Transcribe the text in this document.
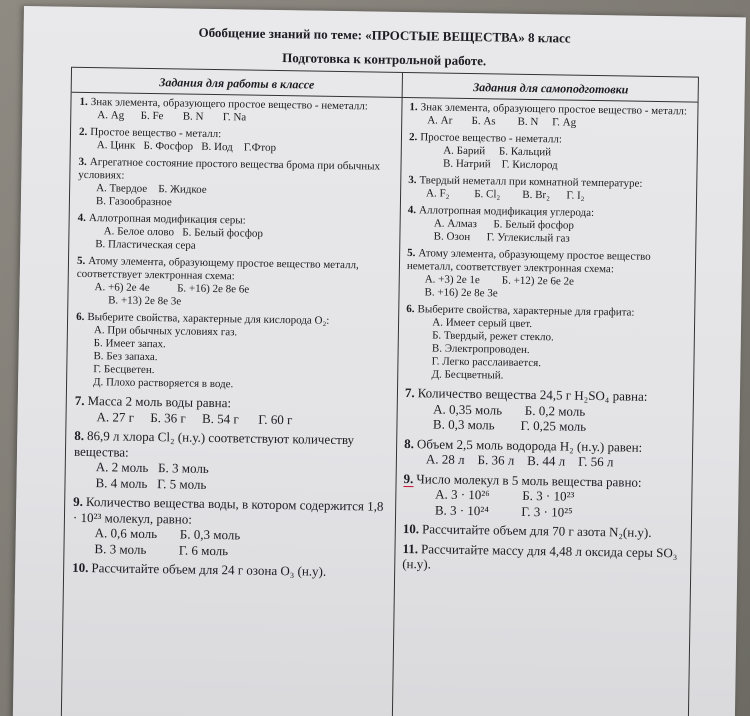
Обобщение знаний по теме: «ПРОСТЫЕ ВЕЩЕСТВА» 8 класс
Подготовка к контрольной работе.
Задания для работы в классе	Задания для самоподготовки
1. Знак элемента, образующего простое вещество - неметалл:
А. Ag      Б. Fe       В. N       Г. Na
2. Простое вещество - металл:
А. Цинк   Б. Фосфор   В. Иод    Г.Фтор
3. Агрегатное состояние простого вещества брома при обычных условиях:
А. Твердое    Б. Жидкое
В. Газообразное
4. Аллотропная модификация серы:
А. Белое олово   Б. Белый фосфор
В. Пластическая сера
5. Атому элемента, образующему простое вещество металл, соответствует электронная схема:
А. +6) 2е 4е          Б. +16) 2е 8е 6е
В. +13) 2е 8е 3е
6. Выберите свойства, характерные для кислорода O₂:
А. При обычных условиях газ.
Б. Имеет запах.
В. Без запаха.
Г. Бесцветен.
Д. Плохо растворяется в воде.
7. Масса 2 моль воды равна:
А. 27 г     Б. 36 г     В. 54 г      Г. 60 г
8. 86,9 л хлора Cl₂ (н.у.) соответствуют количеству вещества:
А. 2 моль   Б. 3 моль
В. 4 моль   Г. 5 моль
9. Количество вещества воды, в котором содержится 1,8 · 10²³ молекул, равно:
А. 0,6 моль       Б. 0,3 моль
В. 3 моль          Г. 6 моль
10. Рассчитайте объем для 24 г озона O₃ (н.у).
1. Знак элемента, образующего простое вещество - металл:
А. Ar       Б. As        В. N     Г. Ag
2. Простое вещество - неметалл:
А. Барий     Б. Кальций
В. Натрий    Г. Кислород
3. Твердый неметалл при комнатной температуре:
А. F₂         Б. Cl₂        В. Br₂      Г. I₂
4. Аллотропная модификация углерода:
А. Алмаз      Б. Белый фосфор
В. Озон      Г. Углекислый газ
5. Атому элемента, образующему простое вещество неметалл, соответствует электронная схема:
А. +3) 2е 1е        Б. +12) 2е 6е 2е
В. +16) 2е 8е 3е
6. Выберите свойства, характерные для графита:
А. Имеет серый цвет.
Б. Твердый, режет стекло.
В. Электропроводен.
Г. Легко расслаивается.
Д. Бесцветный.
7. Количество вещества 24,5 г H₂SO₄ равна:
А. 0,35 моль       Б. 0,2 моль
В. 0,3 моль        Г. 0,25 моль
8. Объем 2,5 моль водорода H₂ (н.у.) равен:
А. 28 л    Б. 36 л    В. 44 л    Г. 56 л
9. Число молекул в 5 моль вещества равно:
А. 3 · 10²⁶          Б. 3 · 10²³
В. 3 · 10²⁴          Г. 3 · 10²⁵
10. Рассчитайте объем для 70 г азота N₂(н.у).
11. Рассчитайте массу для 4,48 л оксида серы SO₃ (н.у).
